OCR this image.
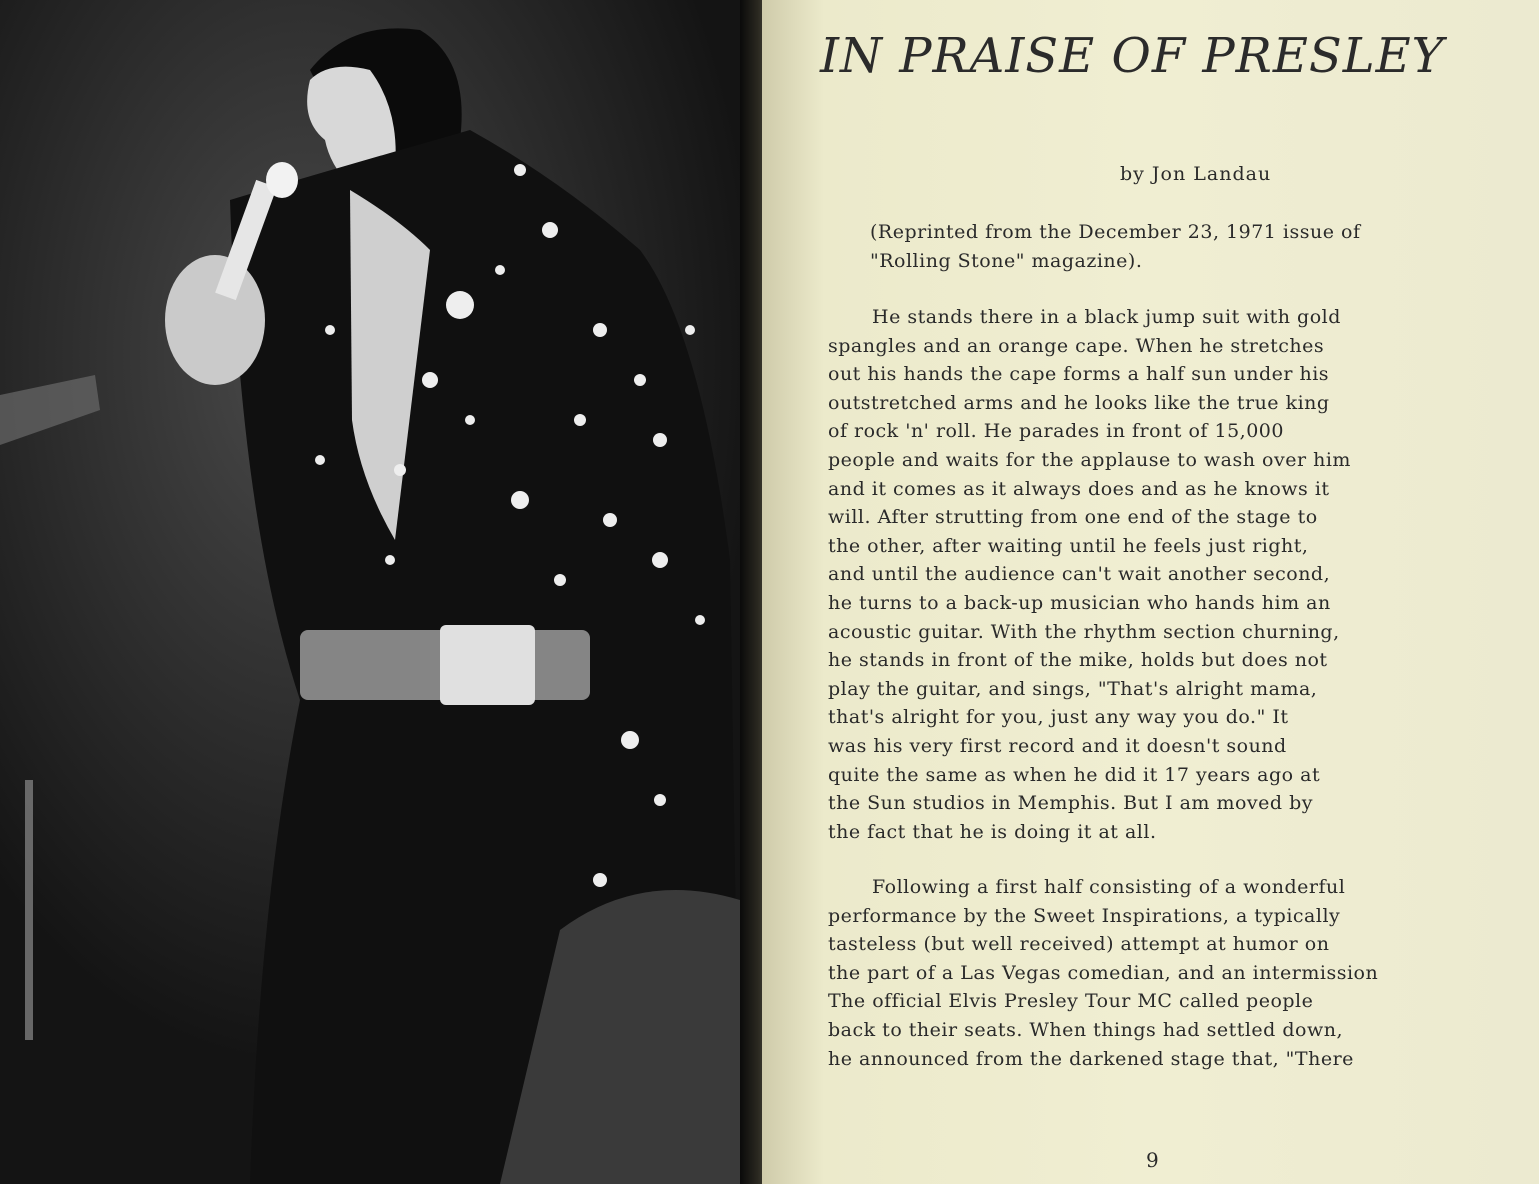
IN PRAISE OF PRESLEY
by Jon Landau

(Reprinted from the December 23, 1971 issue of
"Rolling Stone" magazine).

He stands there in a black jump suit with gold
spangles and an orange cape. When he stretches
out his hands the cape forms a half sun under his
outstretched arms and he looks like the true king
of rock 'n' roll. He parades in front of 15,000
people and waits for the applause to wash over him
and it comes as it always does and as he knows it
will. After strutting from one end of the stage to
the other, after waiting until he feels just right,
and until the audience can't wait another second,
he turns to a back-up musician who hands him an
acoustic guitar. With the rhythm section churning,
he stands in front of the mike, holds but does not
play the guitar, and sings, "That's alright mama,
that's alright for you, just any way you do." It
was his very first record and it doesn't sound
quite the same as when he did it 17 years ago at
the Sun studios in Memphis. But I am moved by
the fact that he is doing it at all.

Following a first half consisting of a wonderful
performance by the Sweet Inspirations, a typically
tasteless (but well received) attempt at humor on
the part of a Las Vegas comedian, and an intermission
The official Elvis Presley Tour MC called people
back to their seats. When things had settled down,
he announced from the darkened stage that, "There

9
